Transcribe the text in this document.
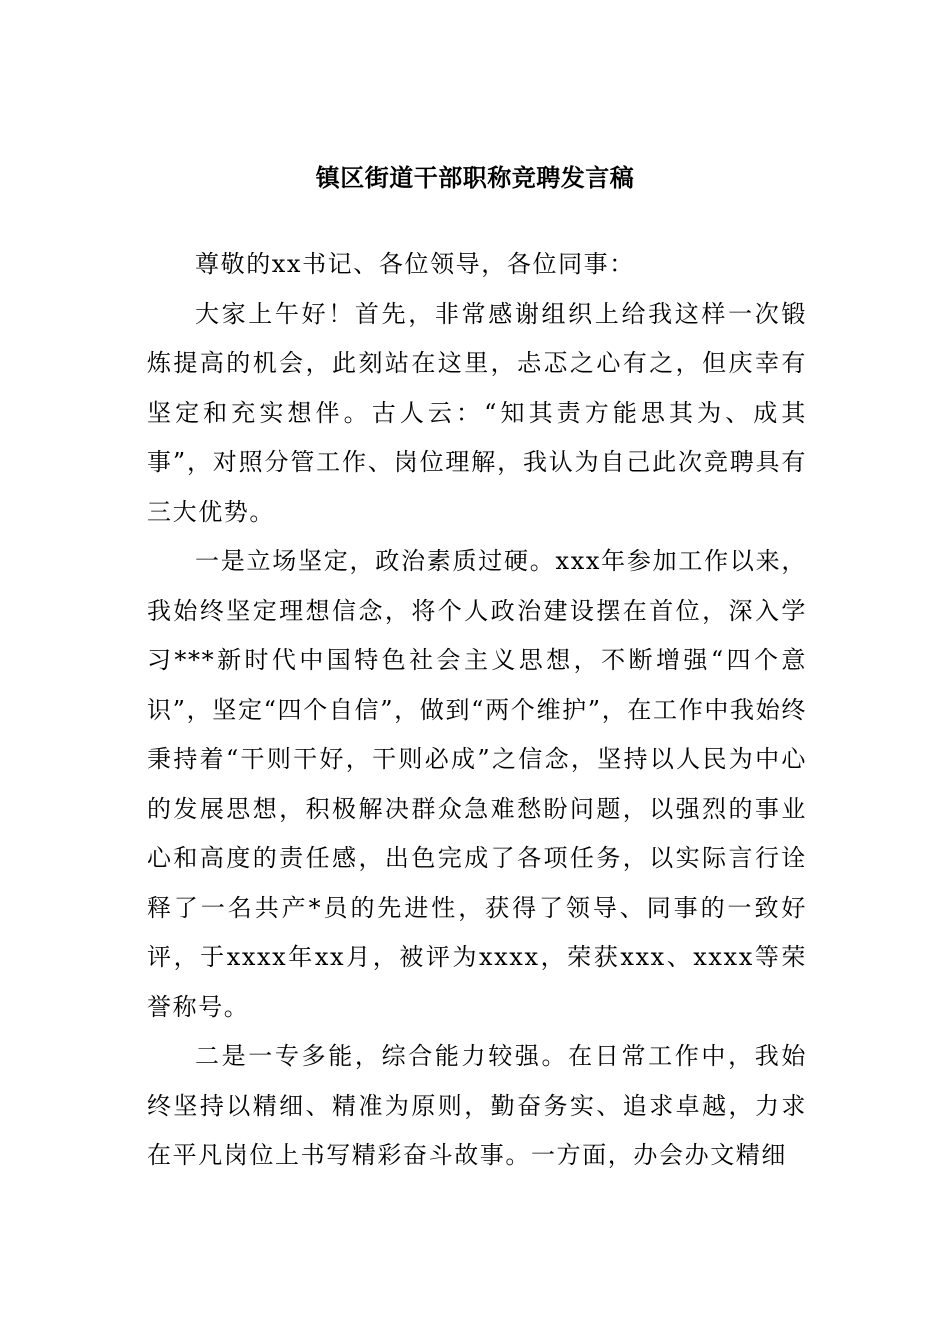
镇区街道干部职称竞聘发言稿

尊敬的xx书记、各位领导，各位同事：

大家上午好！首先，非常感谢组织上给我这样一次锻炼提高的机会，此刻站在这里，忐忑之心有之，但庆幸有坚定和充实想伴。古人云：“知其责方能思其为、成其事”，对照分管工作、岗位理解，我认为自己此次竞聘具有三大优势。

一是立场坚定，政治素质过硬。xxx年参加工作以来，我始终坚定理想信念，将个人政治建设摆在首位，深入学习***新时代中国特色社会主义思想，不断增强“四个意识”，坚定“四个自信”，做到“两个维护”，在工作中我始终秉持着“干则干好，干则必成”之信念，坚持以人民为中心的发展思想，积极解决群众急难愁盼问题，以强烈的事业心和高度的责任感，出色完成了各项任务，以实际言行诠释了一名共产*员的先进性，获得了领导、同事的一致好评，于xxxx年xx月，被评为xxxx，荣获xxx、xxxx等荣誉称号。

二是一专多能，综合能力较强。在日常工作中，我始终坚持以精细、精准为原则，勤奋务实、追求卓越，力求在平凡岗位上书写精彩奋斗故事。一方面，办会办文精细
